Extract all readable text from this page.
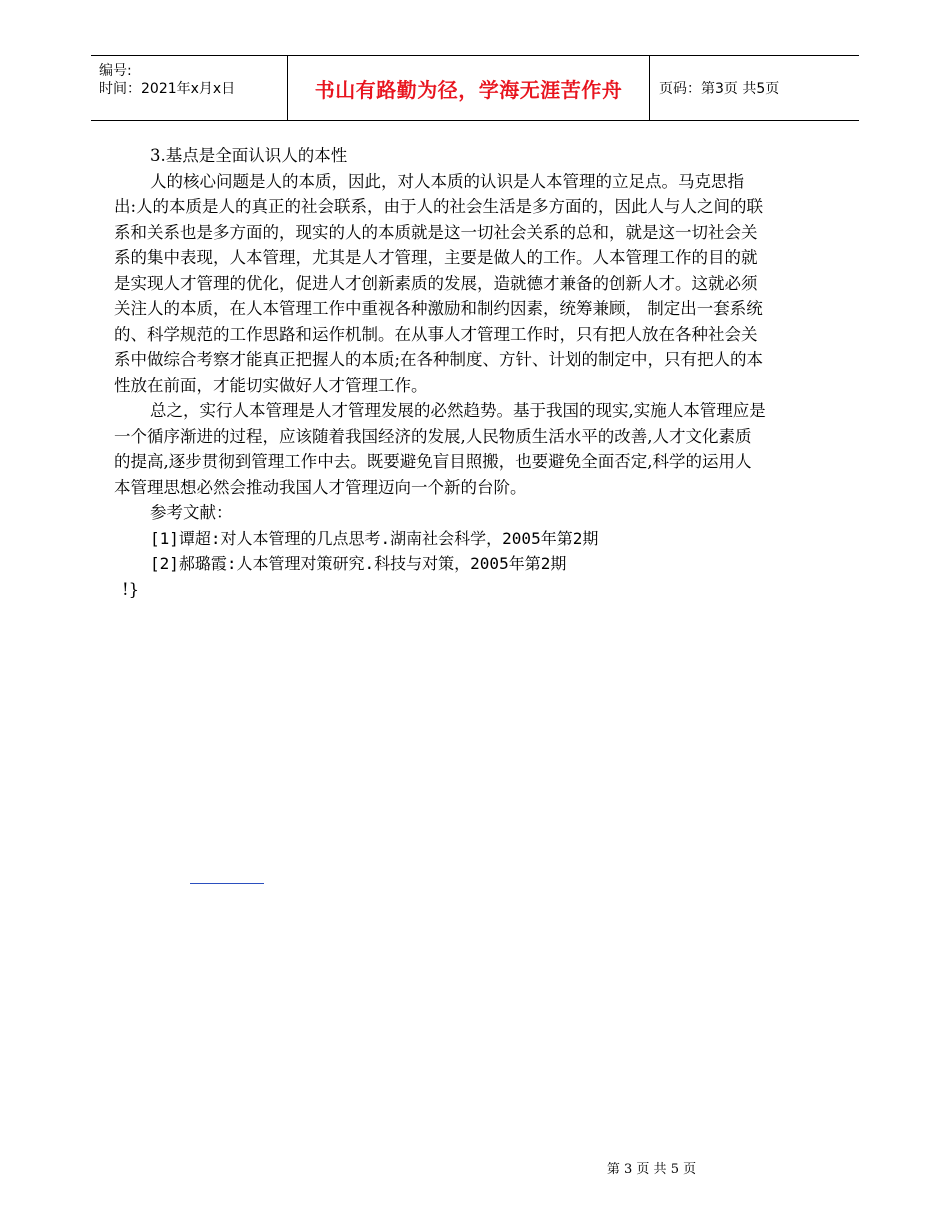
编号:
时间：2021年x月x日	书山有路勤为径，学海无涯苦作舟	页码：第3页 共5页

3.基点是全面认识人的本性

人的核心问题是人的本质，因此，对人本质的认识是人本管理的立足点。马克思指出:人的本质是人的真正的社会联系，由于人的社会生活是多方面的，因此人与人之间的联系和关系也是多方面的，现实的人的本质就是这一切社会关系的总和，就是这一切社会关系的集中表现，人本管理，尤其是人才管理，主要是做人的工作。人本管理工作的目的就是实现人才管理的优化，促进人才创新素质的发展，造就德才兼备的创新人才。这就必须关注人的本质，在人本管理工作中重视各种激励和制约因素，统筹兼顾， 制定出一套系统的、科学规范的工作思路和运作机制。在从事人才管理工作时，只有把人放在各种社会关系中做综合考察才能真正把握人的本质;在各种制度、方针、计划的制定中，只有把人的本性放在前面，才能切实做好人才管理工作。

总之，实行人本管理是人才管理发展的必然趋势。基于我国的现实,实施人本管理应是一个循序渐进的过程，应该随着我国经济的发展,人民物质生活水平的改善,人才文化素质的提高,逐步贯彻到管理工作中去。既要避免盲目照搬，也要避免全面否定,科学的运用人本管理思想必然会推动我国人才管理迈向一个新的台阶。

参考文献：

[1]谭超:对人本管理的几点思考.湖南社会科学，2005年第2期

[2]郝璐霞:人本管理对策研究.科技与对策，2005年第2期

!}

第 3 页 共 5 页
